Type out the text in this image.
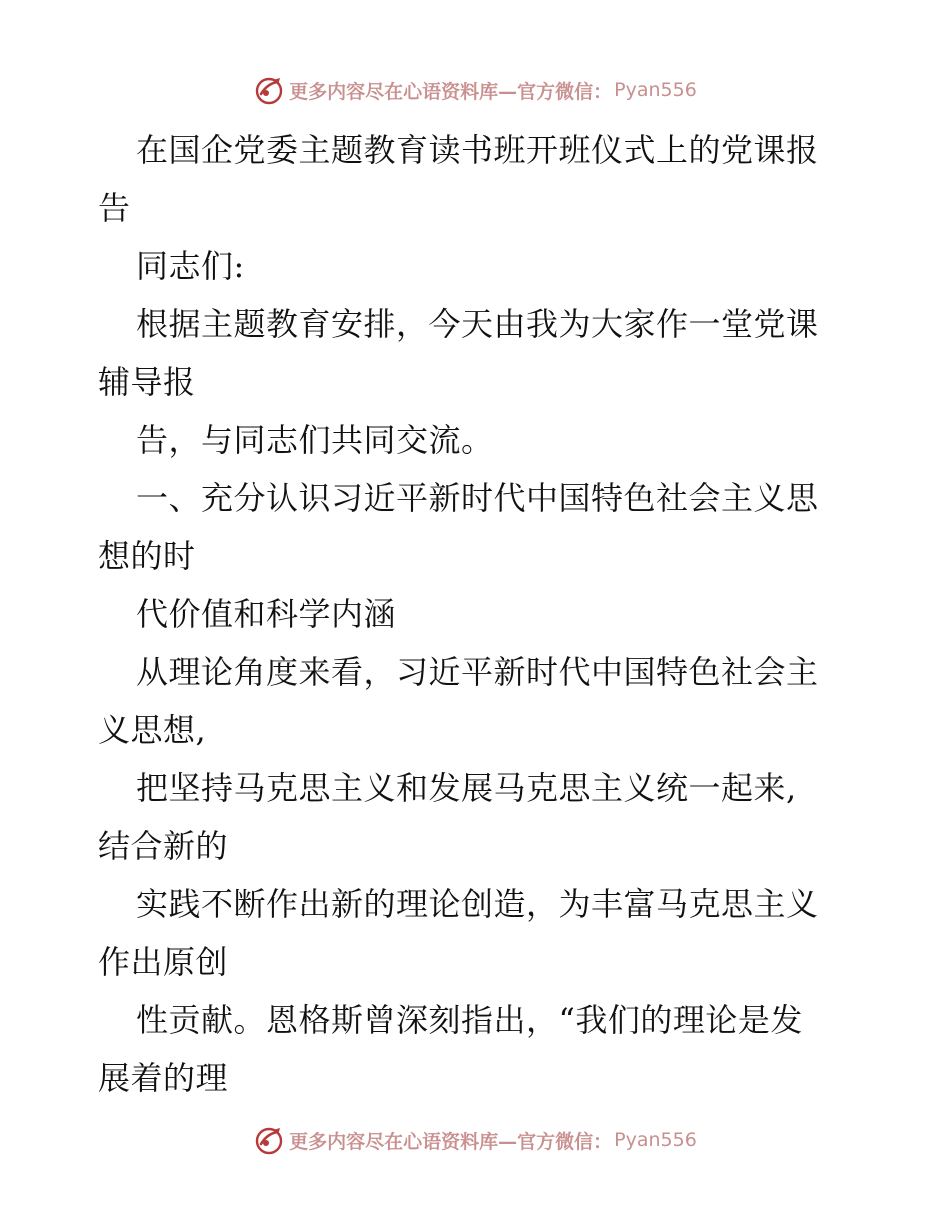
更多内容尽在心语资料库—官方微信： Pyan556
在国企党委主题教育读书班开班仪式上的党课报
告
同志们:
根据主题教育安排，今天由我为大家作一堂党课
辅导报
告，与同志们共同交流。
一、充分认识习近平新时代中国特色社会主义思
想的时
代价值和科学内涵
从理论角度来看，习近平新时代中国特色社会主
义思想,
把坚持马克思主义和发展马克思主义统一起来,
结合新的
实践不断作出新的理论创造，为丰富马克思主义
作出原创
性贡献。恩格斯曾深刻指出，“我们的理论是发
展着的理
更多内容尽在心语资料库—官方微信： Pyan556
